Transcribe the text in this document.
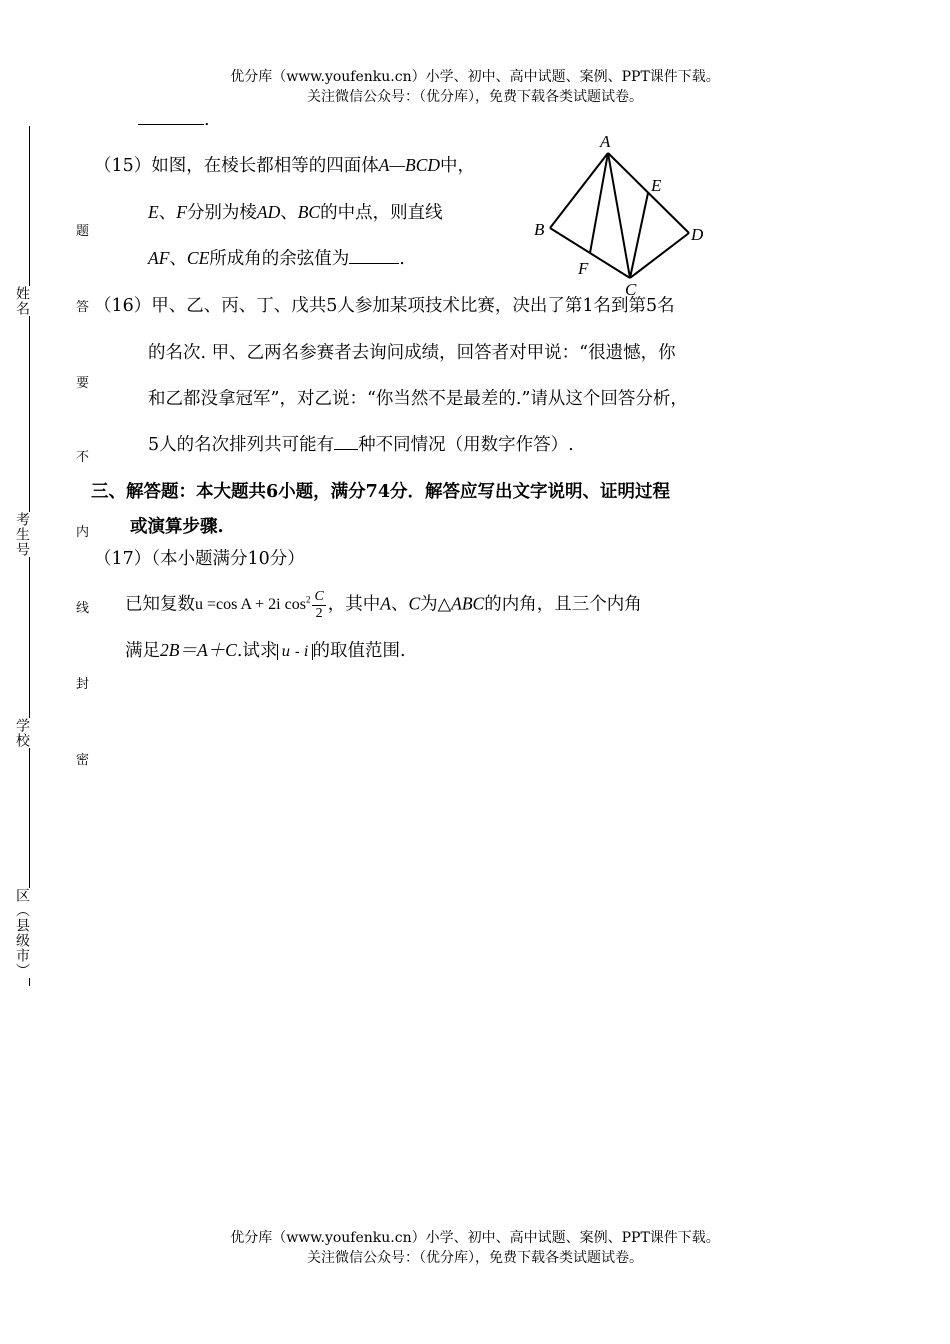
优分库（www.youfenku.cn）小学、初中、高中试题、案例、PPT课件下载。
关注微信公众号：（优分库），免费下载各类试题试卷。
姓名
考生号
学校
区（县级市）
题
答
要
不
内
线
封
密
.
（15）如图，在棱长都相等的四面体A—BCD中，
E、F分别为棱AD、BC的中点，则直线
AF、CE所成角的余弦值为	.
A
B
C
D
E
F
（16）甲、乙、丙、丁、戊共5人参加某项技术比赛，决出了第1名到第5名
的名次. 甲、乙两名参赛者去询问成绩，回答者对甲说：“很遗憾，你
和乙都没拿冠军”，对乙说：“你当然不是最差的.”请从这个回答分析，
5人的名次排列共可能有 种不同情况（用数字作答）.
三、解答题：本大题共6小题，满分74分．解答应写出文字说明、证明过程
或演算步骤.
（17）（本小题满分10分）
已知复数u =cos A + 2i $\cos^2 \frac{C}{2}$ ，其中A、C为△ABC的内角，且三个内角
满足2B＝A＋C.试求 u - i 的取值范围.
优分库（www.youfenku.cn）小学、初中、高中试题、案例、PPT课件下载。
关注微信公众号：（优分库），免费下载各类试题试卷。
